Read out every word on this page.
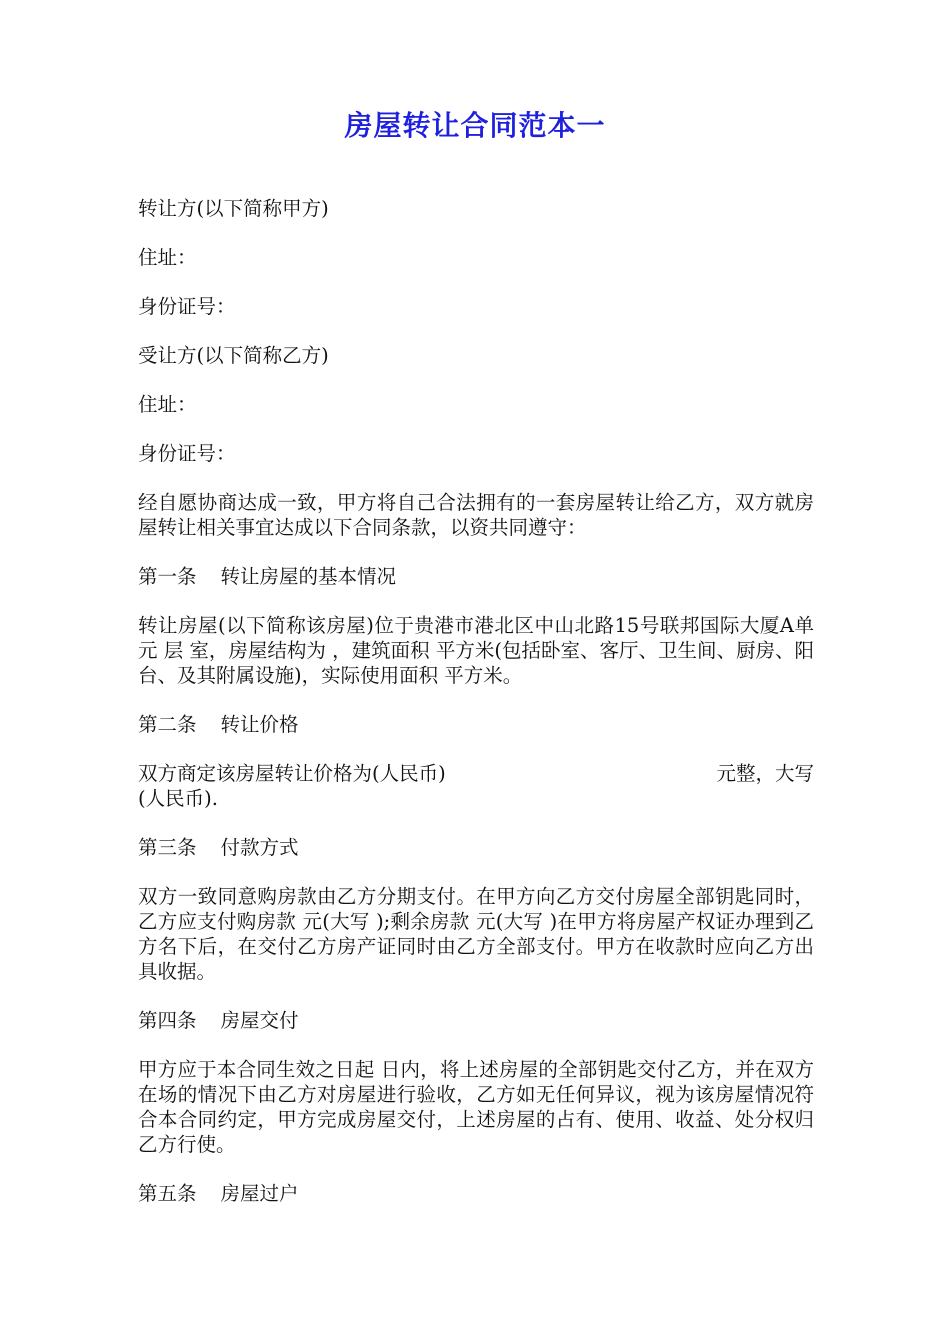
房屋转让合同范本一

转让方(以下简称甲方)

住址：

身份证号：

受让方(以下简称乙方)

住址：

身份证号：

经自愿协商达成一致，甲方将自己合法拥有的一套房屋转让给乙方，双方就房屋转让相关事宜达成以下合同条款，以资共同遵守：

第一条 转让房屋的基本情况

转让房屋(以下简称该房屋)位于贵港市港北区中山北路15号联邦国际大厦A单元 层 室，房屋结构为 ，建筑面积 平方米(包括卧室、客厅、卫生间、厨房、阳台、及其附属设施)，实际使用面积 平方米。

第二条 转让价格

双方商定该房屋转让价格为(人民币)	元整，大写
(人民币).

第三条 付款方式

双方一致同意购房款由乙方分期支付。在甲方向乙方交付房屋全部钥匙同时，乙方应支付购房款 元(大写 );剩余房款 元(大写 )在甲方将房屋产权证办理到乙方名下后，在交付乙方房产证同时由乙方全部支付。甲方在收款时应向乙方出具收据。

第四条 房屋交付

甲方应于本合同生效之日起 日内，将上述房屋的全部钥匙交付乙方，并在双方在场的情况下由乙方对房屋进行验收，乙方如无任何异议，视为该房屋情况符合本合同约定，甲方完成房屋交付，上述房屋的占有、使用、收益、处分权归乙方行使。

第五条 房屋过户
